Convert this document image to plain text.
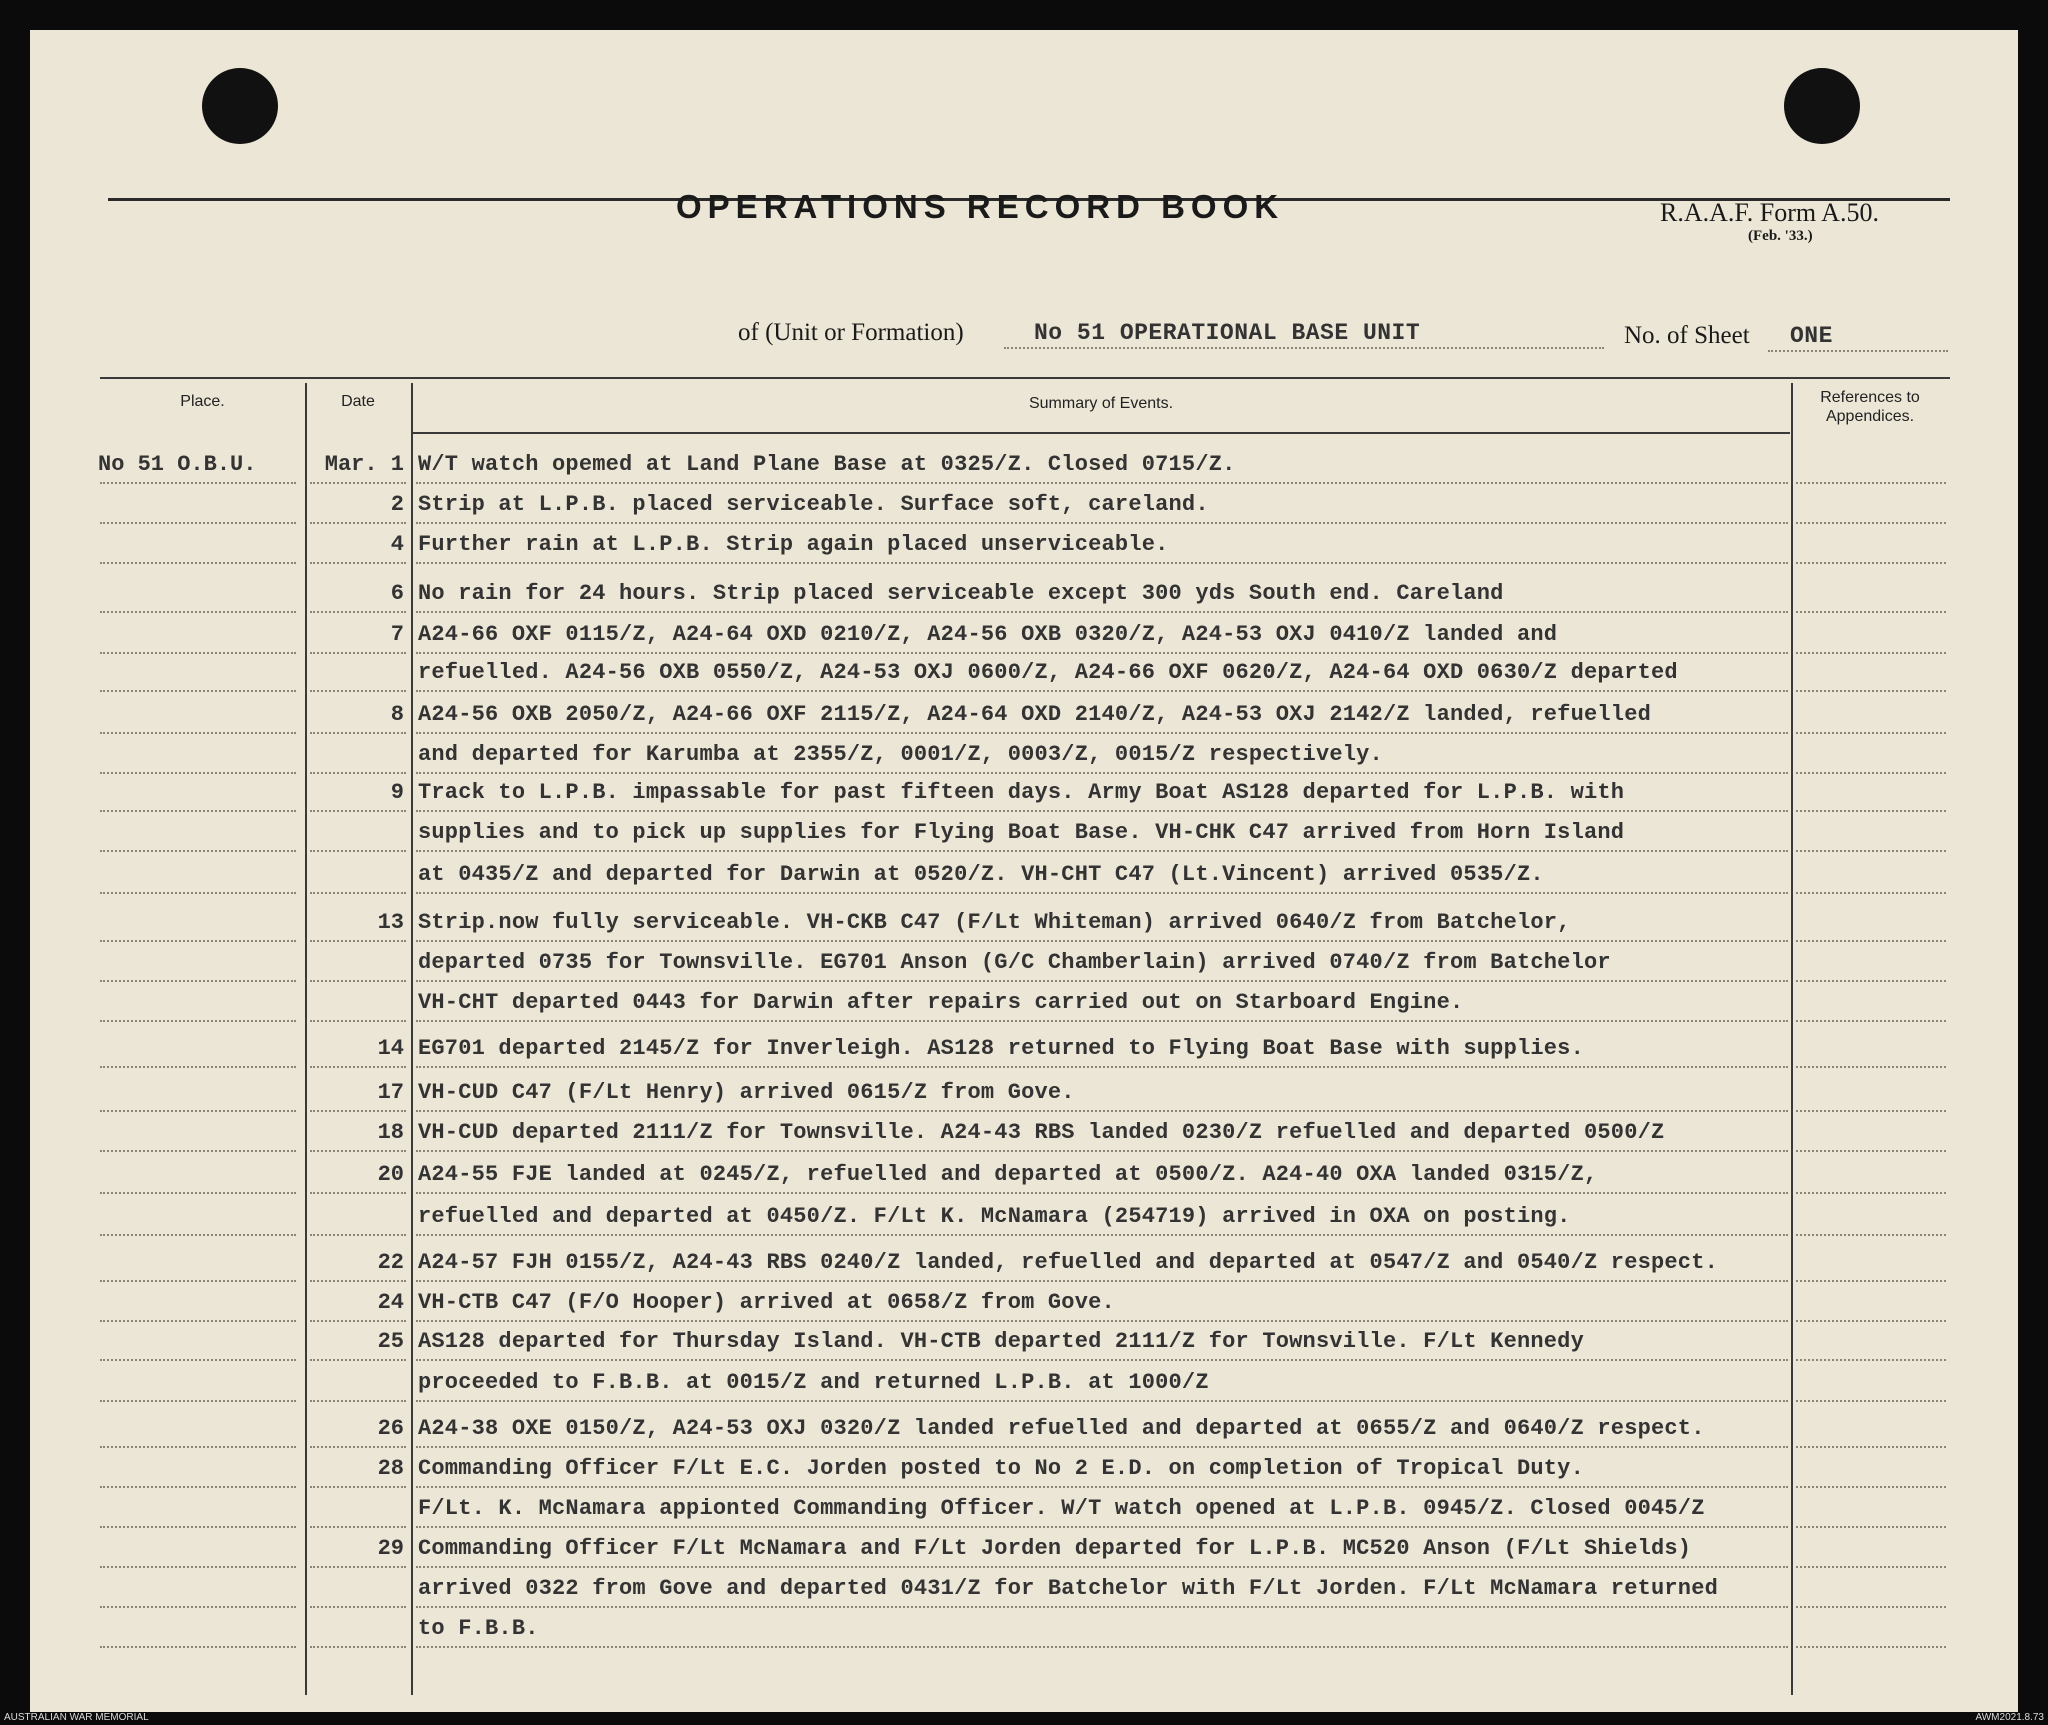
OPERATIONS RECORD BOOK	R.A.A.F. Form A.50.
(Feb. '33.)
of (Unit or Formation)	No 51 OPERATIONAL BASE UNIT	No. of Sheet ONE
Place.	Date	Summary of Events.	References to
Appendices.
No 51 O.B.U.	Mar. 1 W/T watch opemed at Land Plane Base at 0325/Z. Closed 0715/Z.
2 Strip at L.P.B. placed serviceable. Surface soft, careland.
4 Further rain at L.P.B. Strip again placed unserviceable.
6 No rain for 24 hours. Strip placed serviceable except 300 yds South end. Careland
7 A24-66 OXF 0115/Z, A24-64 OXD 0210/Z, A24-56 OXB 0320/Z, A24-53 OXJ 0410/Z landed and
refuelled. A24-56 OXB 0550/Z, A24-53 OXJ 0600/Z, A24-66 OXF 0620/Z, A24-64 OXD 0630/Z departed
8 A24-56 OXB 2050/Z, A24-66 OXF 2115/Z, A24-64 OXD 2140/Z, A24-53 OXJ 2142/Z landed, refuelled
and departed for Karumba at 2355/Z, 0001/Z, 0003/Z, 0015/Z respectively.
9 Track to L.P.B. impassable for past fifteen days. Army Boat AS128 departed for L.P.B. with
supplies and to pick up supplies for Flying Boat Base. VH-CHK C47 arrived from Horn Island
at 0435/Z and departed for Darwin at 0520/Z. VH-CHT C47 (Lt.Vincent) arrived 0535/Z.
13 Strip.now fully serviceable. VH-CKB C47 (F/Lt Whiteman) arrived 0640/Z from Batchelor,
departed 0735 for Townsville. EG701 Anson (G/C Chamberlain) arrived 0740/Z from Batchelor
VH-CHT departed 0443 for Darwin after repairs carried out on Starboard Engine.
14 EG701 departed 2145/Z for Inverleigh. AS128 returned to Flying Boat Base with supplies.
17 VH-CUD C47 (F/Lt Henry) arrived 0615/Z from Gove.
18 VH-CUD departed 2111/Z for Townsville. A24-43 RBS landed 0230/Z refuelled and departed 0500/Z
20 A24-55 FJE landed at 0245/Z, refuelled and departed at 0500/Z. A24-40 OXA landed 0315/Z,
refuelled and departed at 0450/Z. F/Lt K. McNamara (254719) arrived in OXA on posting.
22 A24-57 FJH 0155/Z, A24-43 RBS 0240/Z landed, refuelled and departed at 0547/Z and 0540/Z respect.
24 VH-CTB C47 (F/O Hooper) arrived at 0658/Z from Gove.
25 AS128 departed for Thursday Island. VH-CTB departed 2111/Z for Townsville. F/Lt Kennedy
proceeded to F.B.B. at 0015/Z and returned L.P.B. at 1000/Z
26 A24-38 OXE 0150/Z, A24-53 OXJ 0320/Z landed refuelled and departed at 0655/Z and 0640/Z respect.
28 Commanding Officer F/Lt E.C. Jorden posted to No 2 E.D. on completion of Tropical Duty.
F/Lt. K. McNamara appionted Commanding Officer. W/T watch opened at L.P.B. 0945/Z. Closed 0045/Z
29 Commanding Officer F/Lt McNamara and F/Lt Jorden departed for L.P.B. MC520 Anson (F/Lt Shields)
arrived 0322 from Gove and departed 0431/Z for Batchelor with F/Lt Jorden. F/Lt McNamara returned
to F.B.B.
AUSTRALIAN WAR MEMORIAL	AWM2021.8.73
